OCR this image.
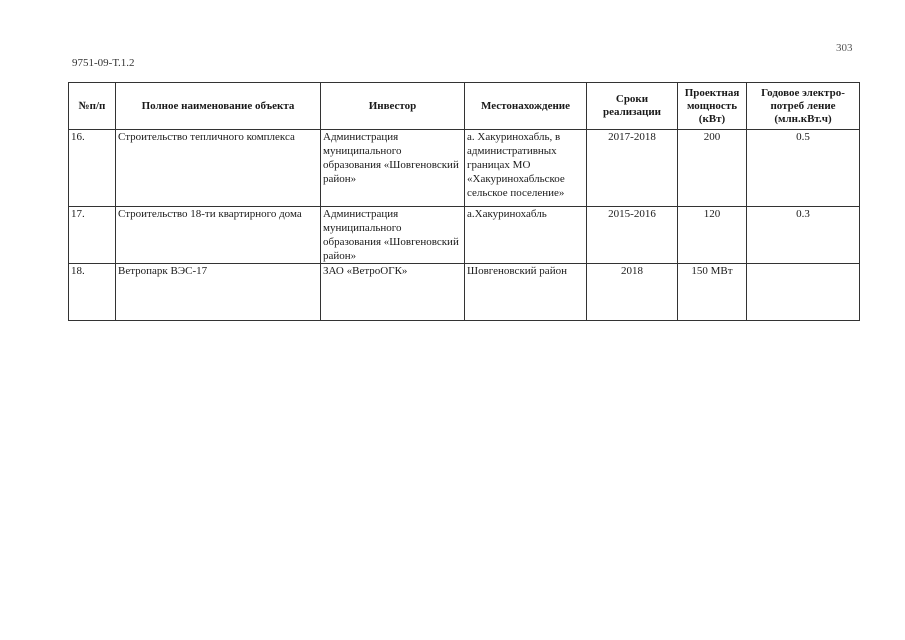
303
9751-09-Т.1.2
№п/п	Полное наименование объекта	Инвестор	Местонахождение	Сроки реализации	Проектная мощность (кВт)	Годовое электро-потреб ление (млн.кВт.ч)
16.	Строительство тепличного комплекса	Администрация муниципального образования «Шовгеновский район»	а. Хакуринохабль, в административных границах МО «Хакуринохабльское сельское поселение»	2017-2018	200	0.5
17.	Строительство 18-ти квартирного дома	Администрация муниципального образования «Шовгеновский район»	а.Хакуринохабль	2015-2016	120	0.3
18.	Ветропарк ВЭС-17	ЗАО «ВетроОГК»	Шовгеновский район	2018	150 МВт	
